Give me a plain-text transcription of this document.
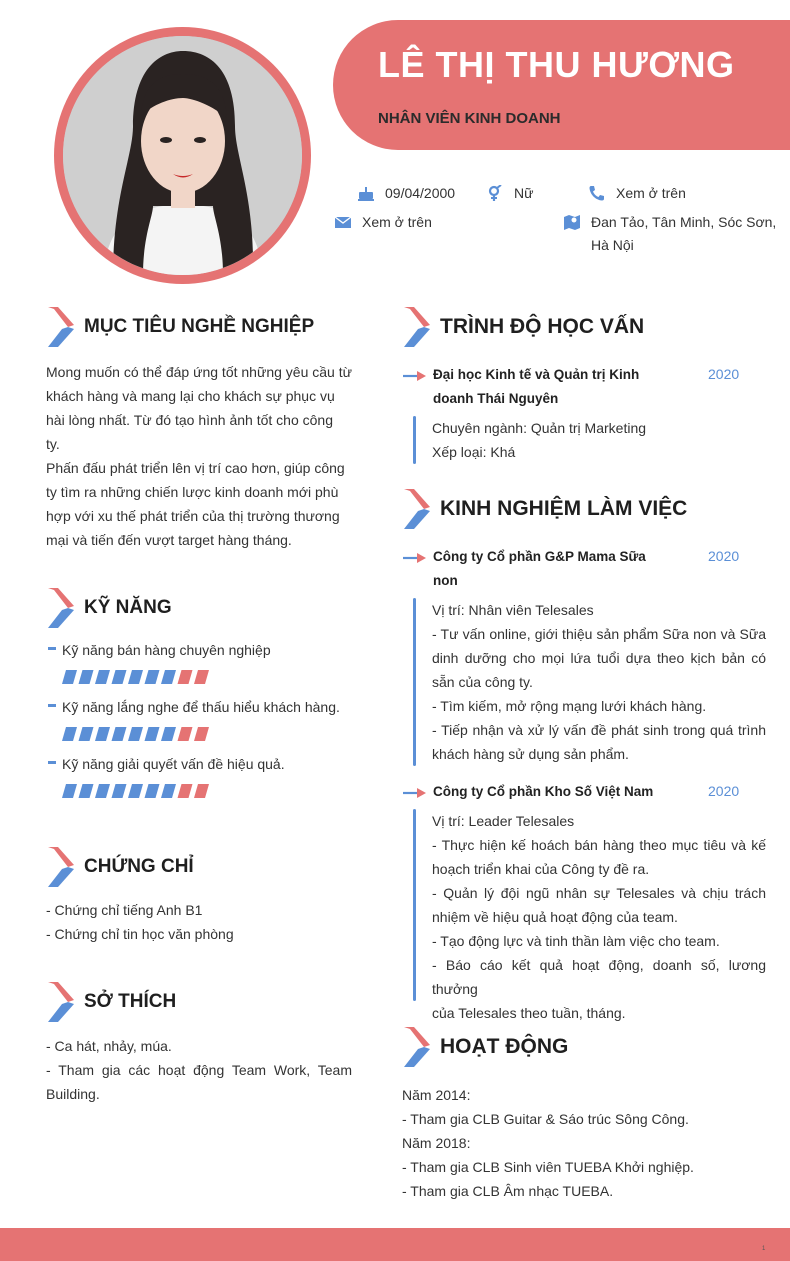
LÊ THỊ THU HƯƠNG
NHÂN VIÊN KINH DOANH
09/04/2000	Nữ	Xem ở trên
Xem ở trên	Đan Tảo, Tân Minh, Sóc Sơn,
Hà Nội
MỤC TIÊU NGHỀ NGHIỆP
Mong muốn có thể đáp ứng tốt những yêu cầu từ
khách hàng và mang lại cho khách sự phục vụ
hài lòng nhất. Từ đó tạo hình ảnh tốt cho công
ty.
Phấn đấu phát triển lên vị trí cao hơn, giúp công
ty tìm ra những chiến lược kinh doanh mới phù
hợp với xu thế phát triển của thị trường thương
mại và tiến đến vượt target hàng tháng.
KỸ NĂNG
Kỹ năng bán hàng chuyên nghiệp
Kỹ năng lắng nghe để thấu hiểu khách hàng.
Kỹ năng giải quyết vấn đề hiệu quả.
CHỨNG CHỈ
- Chứng chỉ tiếng Anh B1
- Chứng chỉ tin học văn phòng
SỞ THÍCH
- Ca hát, nhảy, múa.
- Tham gia các hoạt động Team Work, Team
Building.
TRÌNH ĐỘ HỌC VẤN
Đại học Kinh tế và Quản trị Kinh
doanh Thái Nguyên
2020
Chuyên ngành: Quản trị Marketing
Xếp loại: Khá
KINH NGHIỆM LÀM VIỆC
Công ty Cổ phần G&P Mama Sữa
non
2020
Vị trí: Nhân viên Telesales
- Tư vấn online, giới thiệu sản phẩm Sữa non và Sữa
dinh dưỡng cho mọi lứa tuổi dựa theo kịch bản có
sẵn của công ty.
- Tìm kiếm, mở rộng mạng lưới khách hàng.
- Tiếp nhận và xử lý vấn đề phát sinh trong quá trình
khách hàng sử dụng sản phẩm.
Công ty Cổ phần Kho Số Việt Nam	2020
Vị trí: Leader Telesales
- Thực hiện kế hoách bán hàng theo mục tiêu và kế
hoạch triển khai của Công ty đề ra.
- Quản lý đội ngũ nhân sự Telesales và chịu trách
nhiệm về hiệu quả hoạt động của team.
- Tạo động lực và tinh thần làm việc cho team.
- Báo cáo kết quả hoạt động, doanh số, lương thưởng
của Telesales theo tuần, tháng.
HOẠT ĐỘNG
Năm 2014:
- Tham gia CLB Guitar & Sáo trúc Sông Công.
Năm 2018:
- Tham gia CLB Sinh viên TUEBA Khởi nghiệp.
- Tham gia CLB Âm nhạc TUEBA.
1
